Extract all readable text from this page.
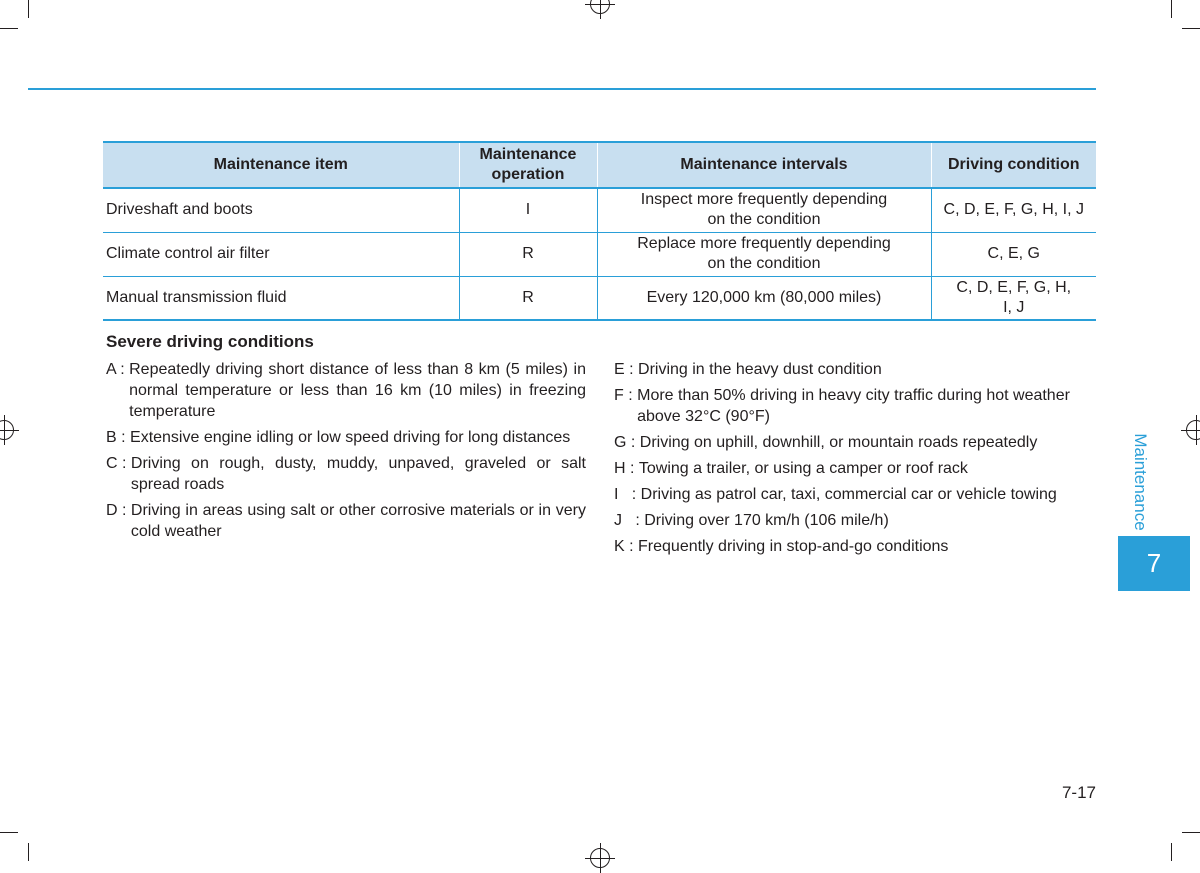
Maintenance item	Maintenance operation	Maintenance intervals	Driving condition
Driveshaft and boots	I	Inspect more frequently depending on the condition	C, D, E, F, G, H, I, J
Climate control air filter	R	Replace more frequently depending on the condition	C, E, G
Manual transmission fluid	R	Every 120,000 km (80,000 miles)	C, D, E, F, G, H, I, J
Severe driving conditions
A : Repeatedly driving short distance of less than 8 km (5 miles) in normal temperature or less than 16 km (10 miles) in freezing temperature
B : Extensive engine idling or low speed driving for long distances
C : Driving on rough, dusty, muddy, unpaved, graveled or salt spread roads
D : Driving in areas using salt or other corrosive materials or in very cold weather
E : Driving in the heavy dust condition
F : More than 50% driving in heavy city traffic during hot weather above 32°C (90°F)
G : Driving on uphill, downhill, or mountain roads repeatedly
H : Towing a trailer, or using a camper or roof rack
I   : Driving as patrol car, taxi, commercial car or vehicle towing
J   : Driving over 170 km/h (106 mile/h)
K : Frequently driving in stop-and-go conditions
Maintenance
7
7-17
